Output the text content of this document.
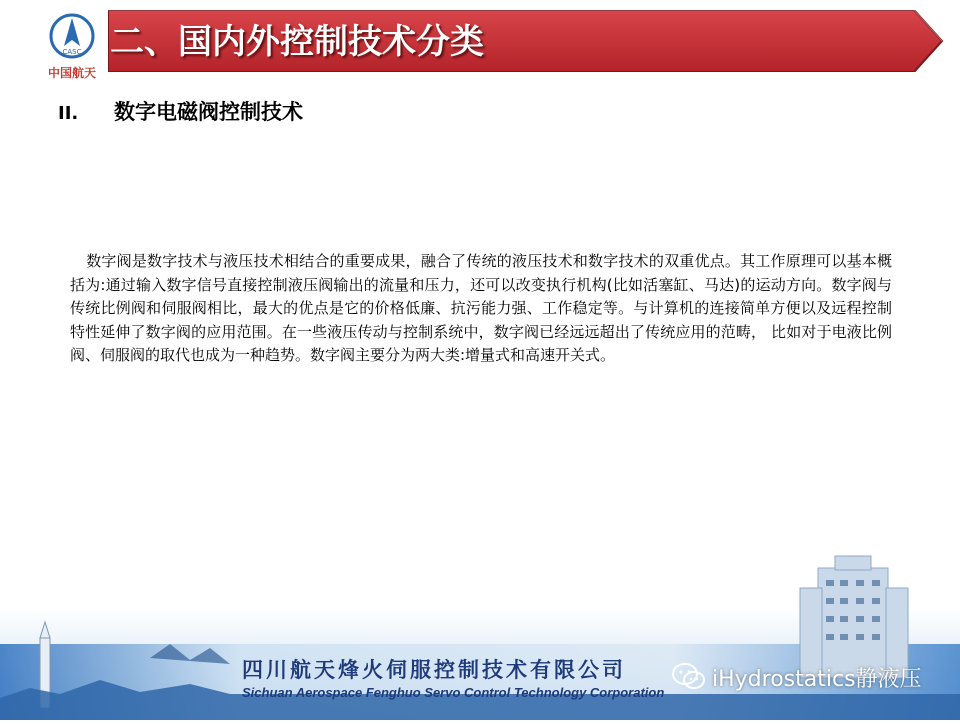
CASC
中国航天
二、国内外控制技术分类
II. 数字电磁阀控制技术
数字阀是数字技术与液压技术相结合的重要成果，融合了传统的液压技术和数字技术的双重优点。其工作原理可以基本概括为:通过输入数字信号直接控制液压阀输出的流量和压力，还可以改变执行机构(比如活塞缸、马达)的运动方向。数字阀与传统比例阀和伺服阀相比，最大的优点是它的价格低廉、抗污能力强、工作稳定等。与计算机的连接简单方便以及远程控制特性延伸了数字阀的应用范围。在一些液压传动与控制系统中，数字阀已经远远超出了传统应用的范畴， 比如对于电液比例阀、伺服阀的取代也成为一种趋势。数字阀主要分为两大类:增量式和高速开关式。
四川航天烽火伺服控制技术有限公司
Sichuan Aerospace Fenghuo Servo Control Technology Corporation
iHydrostatics静液压
